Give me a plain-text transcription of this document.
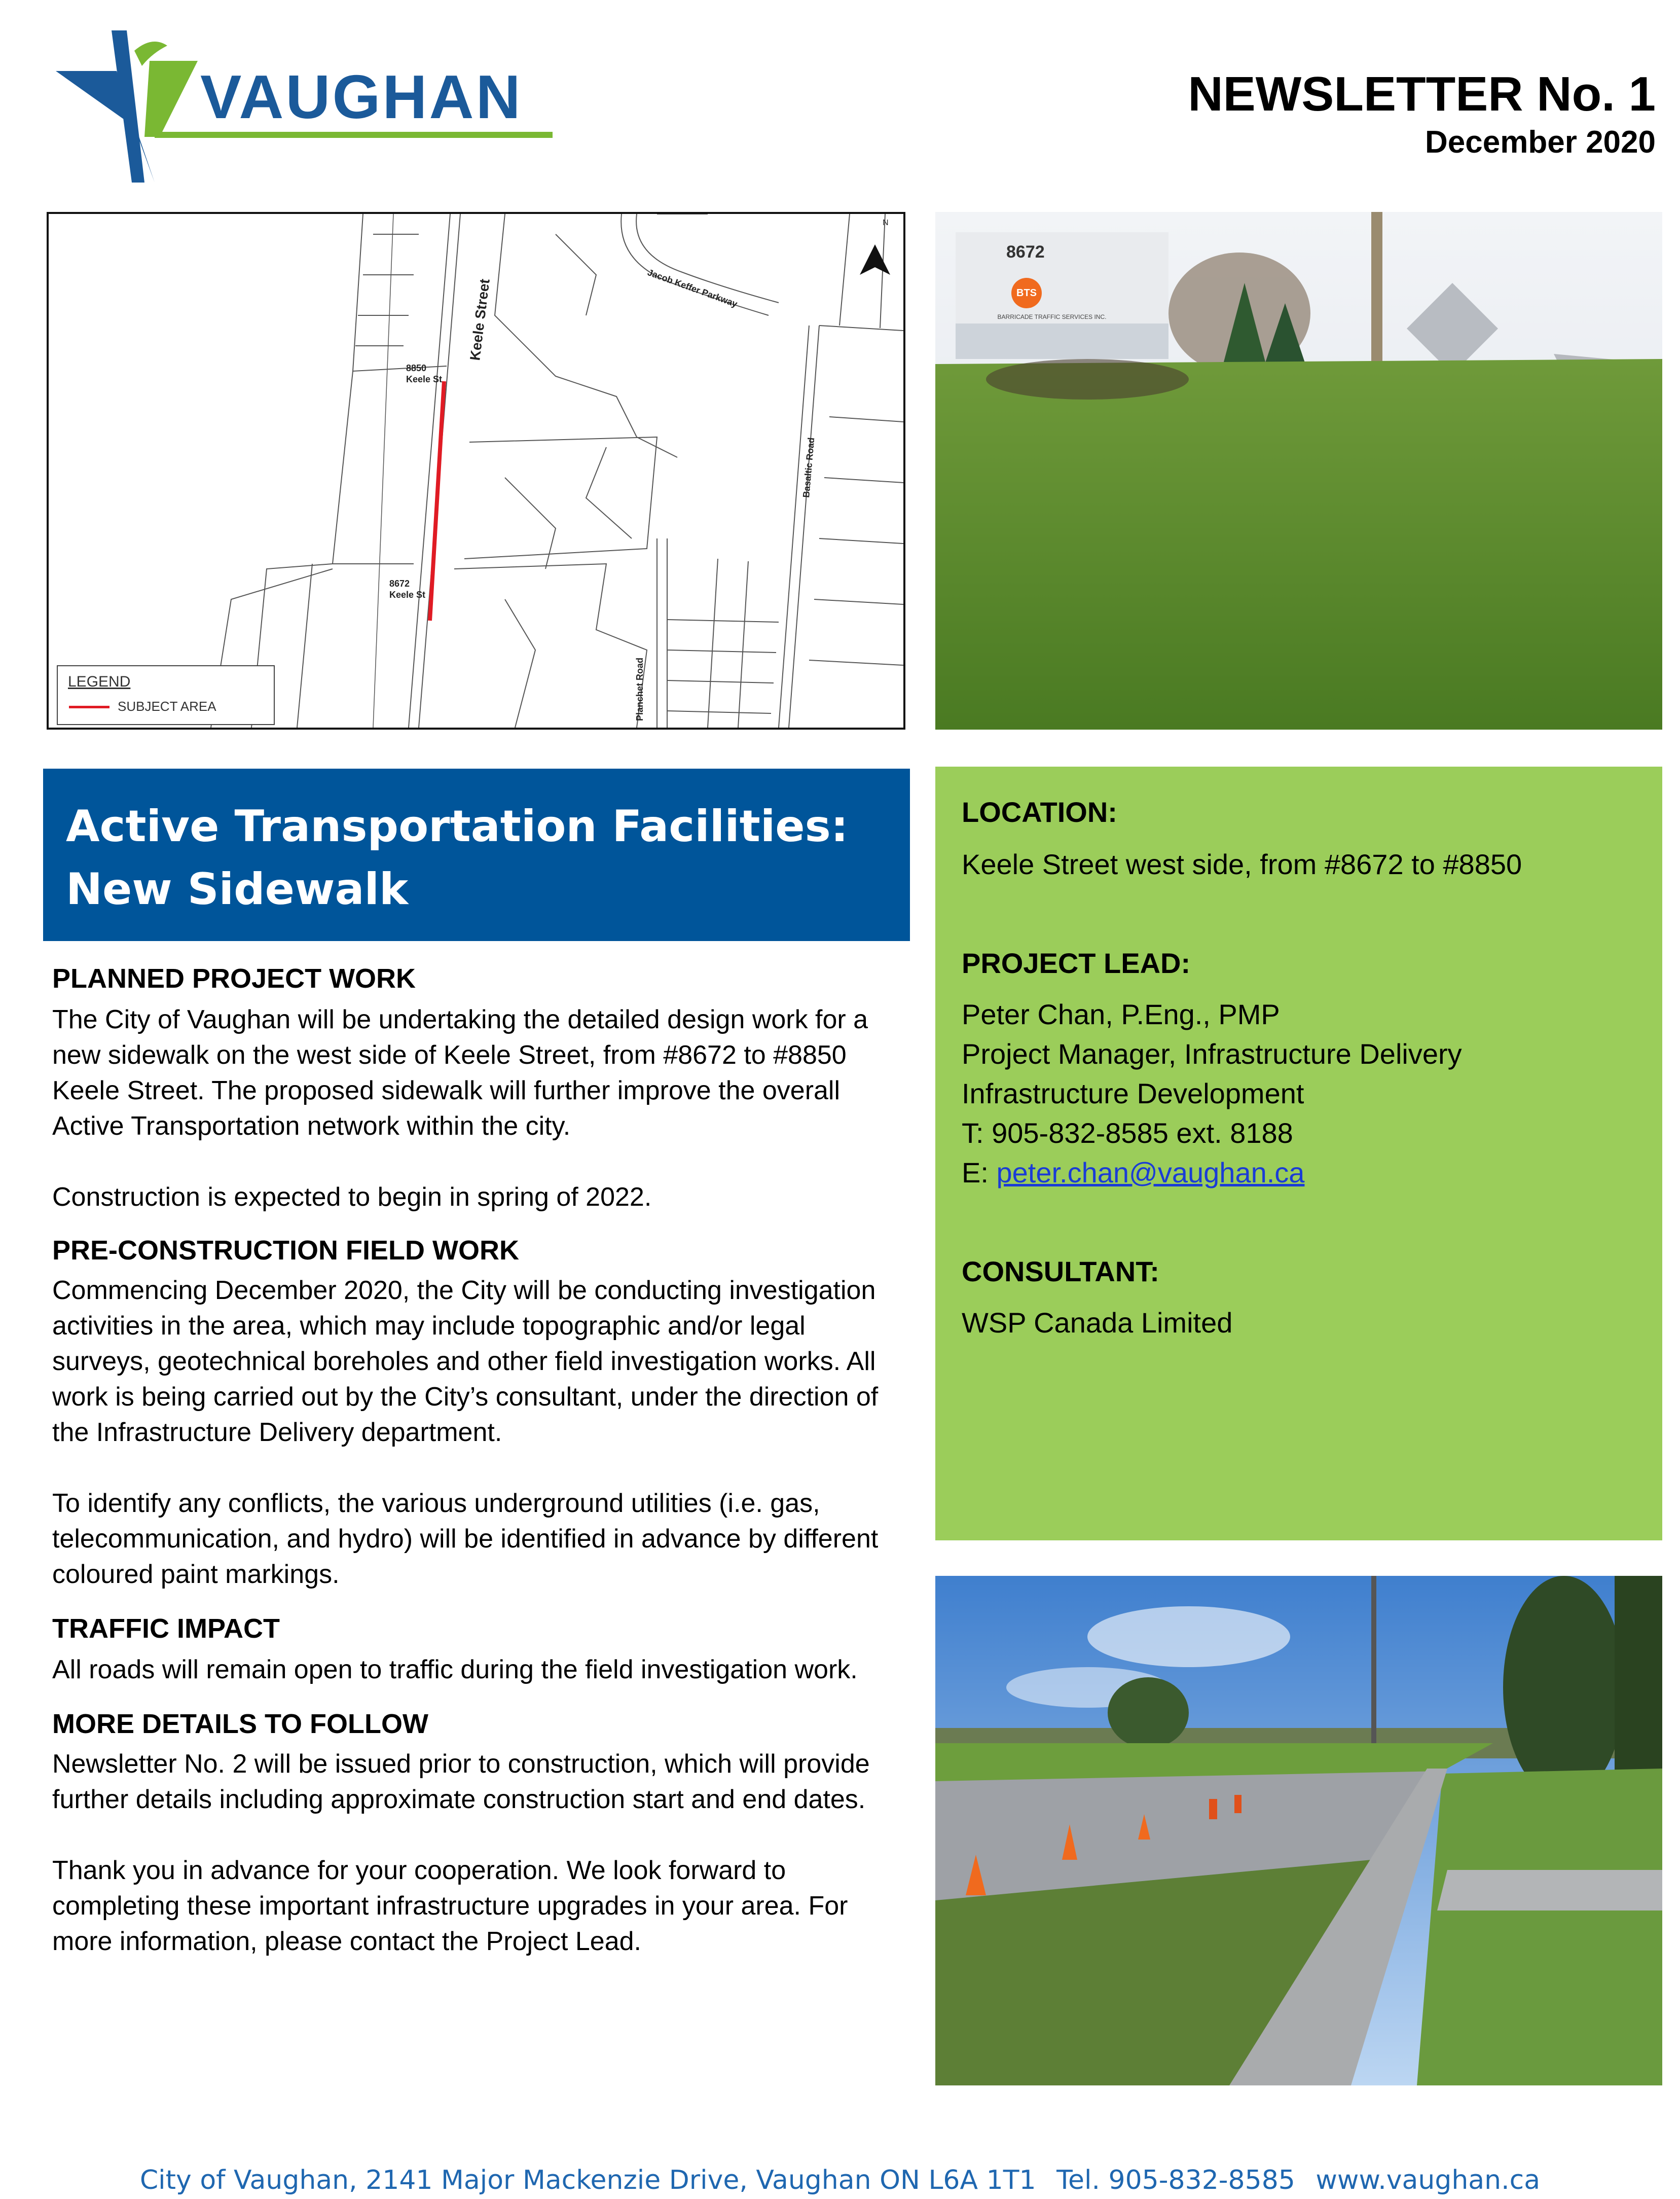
VAUGHAN	NEWSLETTER No. 1
December 2020
Keele Street	Jacob Keffer Parkway
Basaltic Road
Planchet Road
8850
Keele St
8672
Keele St
N
LEGEND
SUBJECT AREA
8672
BTS
BARRICADE TRAFFIC SERVICES INC.
Active Transportation Facilities:
New Sidewalk

PLANNED PROJECT WORK

The City of Vaughan will be undertaking the detailed design work for a new sidewalk on the west side of Keele Street, from #8672 to #8850 Keele Street. The proposed sidewalk will further improve the overall Active Transportation network within the city.

Construction is expected to begin in spring of 2022.

PRE-CONSTRUCTION FIELD WORK

Commencing December 2020, the City will be conducting investigation activities in the area, which may include topographic and/or legal surveys, geotechnical boreholes and other field investigation works. All work is being carried out by the City’s consultant, under the direction of the Infrastructure Delivery department.

To identify any conflicts, the various underground utilities (i.e. gas, telecommunication, and hydro) will be identified in advance by different coloured paint markings.

TRAFFIC IMPACT

All roads will remain open to traffic during the field investigation work.

MORE DETAILS TO FOLLOW

Newsletter No. 2 will be issued prior to construction, which will provide further details including approximate construction start and end dates.

Thank you in advance for your cooperation. We look forward to completing these important infrastructure upgrades in your area. For more information, please contact the Project Lead.

LOCATION:

Keele Street west side, from #8672 to #8850

PROJECT LEAD:

Peter Chan, P.Eng., PMP

Project Manager, Infrastructure Delivery

Infrastructure Development

T: 905-832-8585 ext. 8188

E: peter.chan@vaughan.ca

CONSULTANT:

WSP Canada Limited

City of Vaughan, 2141 Major Mackenzie Drive, Vaughan ON L6A 1T1 Tel. 905-832-8585 www.vaughan.ca
